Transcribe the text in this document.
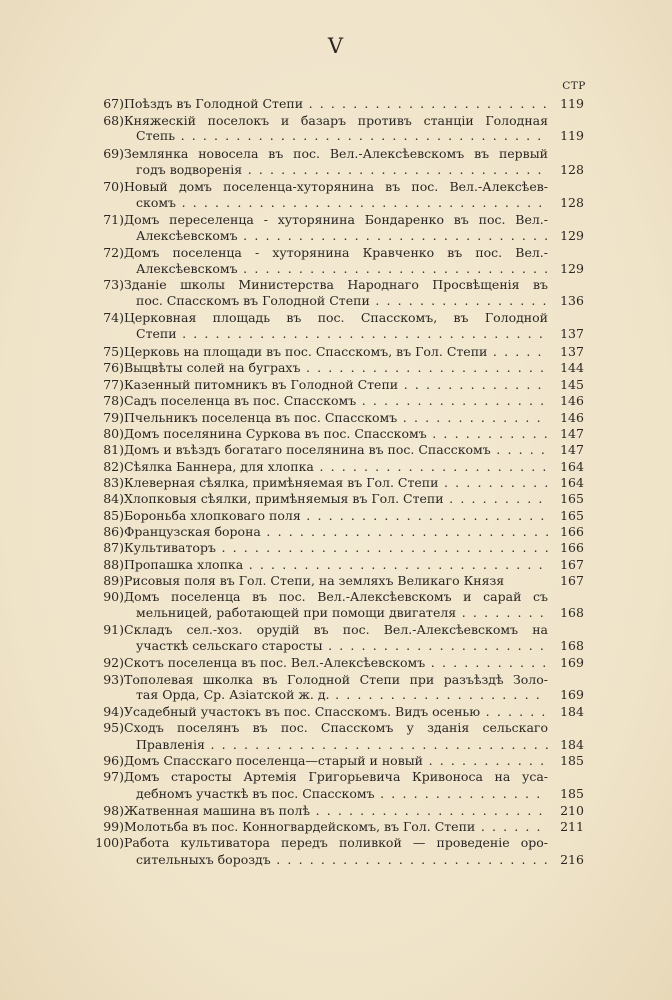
V
СТР
67) Поѣздъ въ Голодной Степи . . .	119
68) Княжескій поселокъ и базаръ противъ станціи Голодная
Степь . . .	119
69) Землянка новосела въ пос. Вел.-Алексѣевскомъ въ первый
годъ водворенія . . .	128
70) Новый домъ поселенца-хуторянина въ пос. Вел.-Алексѣев-
скомъ . . .	128
71) Домъ переселенца - хуторянина Бондаренко въ пос. Вел.-
Алексѣевскомъ . . .	129
72) Домъ поселенца - хуторянина Кравченко въ пос. Вел.-
Алексѣевскомъ . . .	129
73) Зданіе школы Министерства Народнаго Просвѣщенія въ
пос. Спасскомъ въ Голодной Степи . . .	136
74) Церковная площадь въ пос. Спасскомъ, въ Голодной
Степи . . .	137
75) Церковь на площади въ пос. Спасскомъ, въ Гол. Степи . . .	137
76) Выцвѣты солей на буграхъ . . .	144
77) Казенный питомникъ въ Голодной Степи . . .	145
78) Садъ поселенца въ пос. Спасскомъ . . .	146
79) Пчельникъ поселенца въ пос. Спасскомъ . . .	146
80) Домъ поселянина Суркова въ пос. Спасскомъ . . .	147
81) Домъ и въѣздъ богатаго поселянина въ пос. Спасскомъ . . .	147
82) Сѣялка Баннера, для хлопка . . .	164
83) Клеверная сѣялка, примѣняемая въ Гол. Степи . . .	164
84) Хлопковыя сѣялки, примѣняемыя въ Гол. Степи . . .	165
85) Бороньба хлопковаго поля . . .	165
86) Французская борона . . .	166
87) Культиваторъ . . .	166
88) Пропашка хлопка . . .	167
89) Рисовыя поля въ Гол. Степи, на земляхъ Великаго Князя	167
90) Домъ поселенца въ пос. Вел.-Алексѣевскомъ и сарай съ
мельницей, работающей при помощи двигателя . . .	168
91) Складъ сел.-хоз. орудій въ пос. Вел.-Алексѣевскомъ на
участкѣ сельскаго старосты . . .	168
92) Скотъ поселенца въ пос. Вел.-Алексѣевскомъ . . .	169
93) Тополевая школка въ Голодной Степи при разъѣздѣ Золо-
тая Орда, Ср. Азіатской ж. д. . . .	169
94) Усадебный участокъ въ пос. Спасскомъ. Видъ осенью . . .	184
95) Сходъ поселянъ въ пос. Спасскомъ у зданія сельскаго
Правленія . . .	184
96) Домъ Спасскаго поселенца—старый и новый . . .	185
97) Домъ старосты Артемія Григорьевича Кривоноса на уса-
дебномъ участкѣ въ пос. Спасскомъ . . .	185
98) Жатвенная машина въ полѣ . . .	210
99) Молотьба въ пос. Конногвардейскомъ, въ Гол. Степи . . .	211
100) Работа культиватора передъ поливкой — проведеніе оро-
сительныхъ бороздъ . . .	216
